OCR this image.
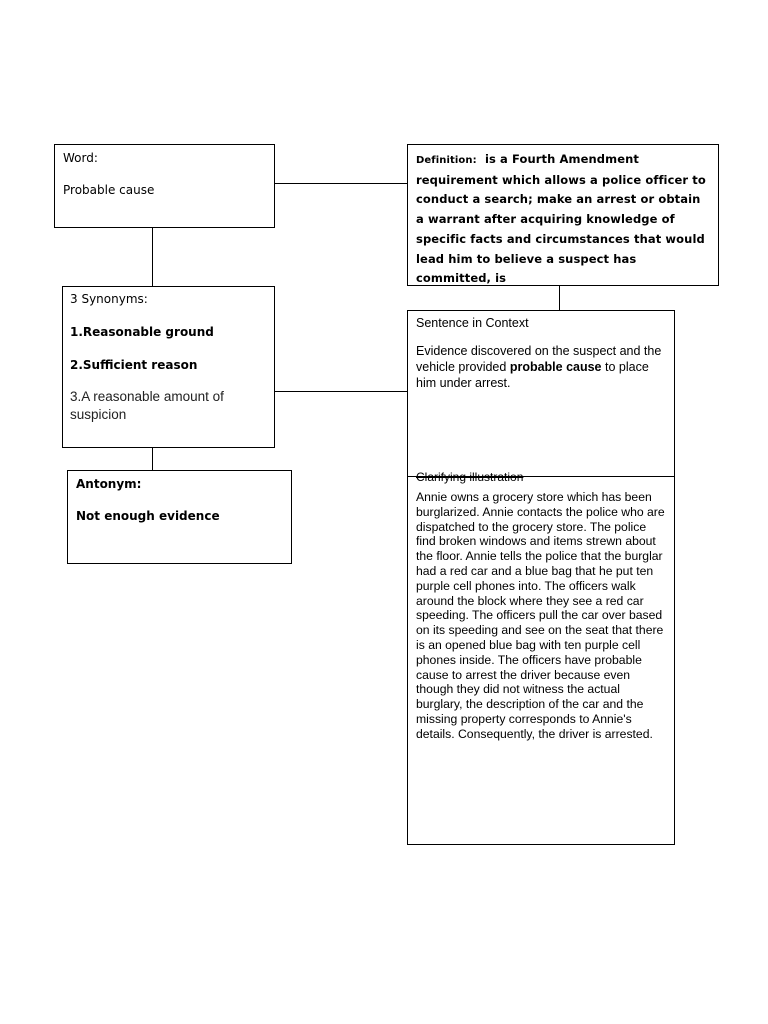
Word:
Probable cause
Definition: is a Fourth Amendment requirement which allows a police officer to conduct a search; make an arrest or obtain a warrant after acquiring knowledge of specific facts and circumstances that would lead him to believe a suspect has committed, is
3 Synonyms:
1.Reasonable ground
2.Sufficient reason
3.A reasonable amount of suspicion
Antonym:
Not enough evidence
Sentence in Context
Evidence discovered on the suspect and the vehicle provided probable cause to place him under arrest.
Clarifying illustration
Annie owns a grocery store which has been burglarized. Annie contacts the police who are dispatched to the grocery store. The police find broken windows and items strewn about the floor. Annie tells the police that the burglar had a red car and a blue bag that he put ten purple cell phones into. The officers walk around the block where they see a red car speeding. The officers pull the car over based on its speeding and see on the seat that there is an opened blue bag with ten purple cell phones inside. The officers have probable cause to arrest the driver because even though they did not witness the actual burglary, the description of the car and the missing property corresponds to Annie's details. Consequently, the driver is arrested.
